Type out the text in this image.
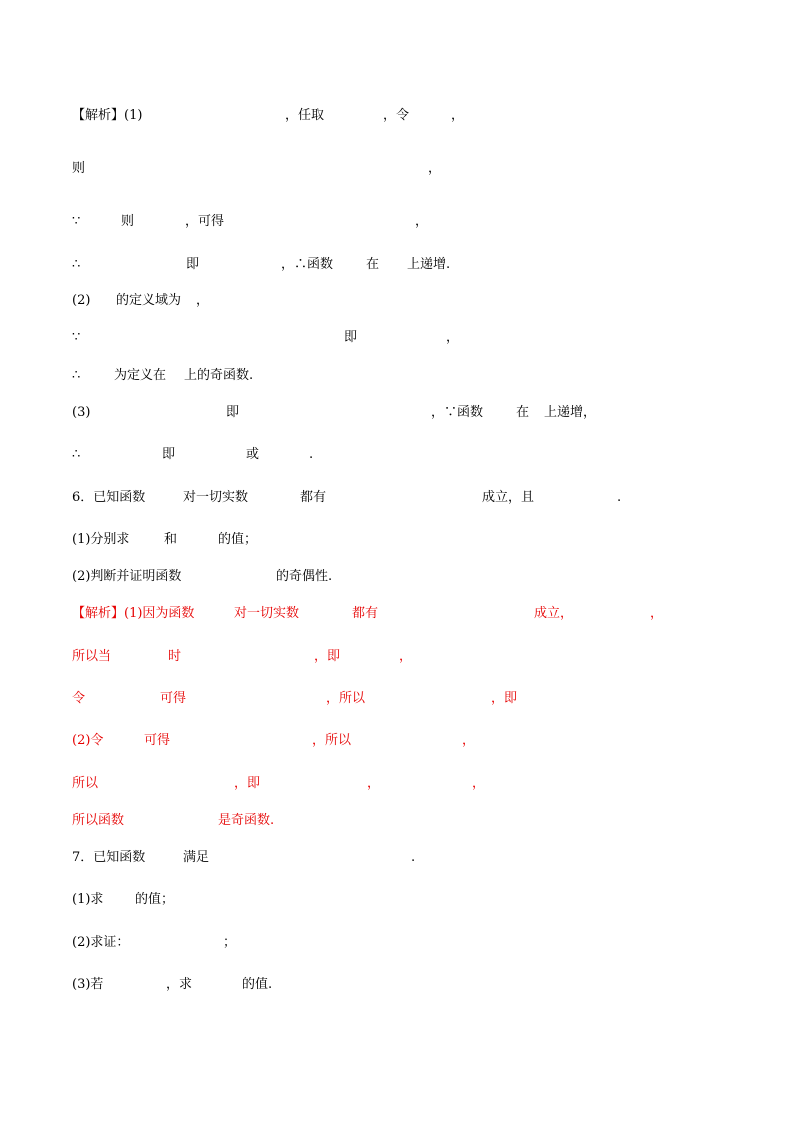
【解析】(1)	，任取	，令	，
则	，
∵	则	，可得	，
∴	即	，∴函数	在 上递增.
(2) 的定义域为 ，
∵	即	，
∴	为定义在 上的奇函数.
(3)	即	，∵函数	在 上递增，
∴	即	或	.
6．已知函数	对一切实数	都有	成立，且	.
(1)分别求	和	的值；
(2)判断并证明函数	的奇偶性.
【解析】(1)因为函数	对一切实数	都有	成立，	，
所以当	时	，即	，
令	可得	，所以	，即
(2)令	可得	，所以	，
所以	，即	，	，
所以函数	是奇函数.
7．已知函数	满足	.
(1)求 的值；
(2)求证：	；
(3)若	，求	的值.
